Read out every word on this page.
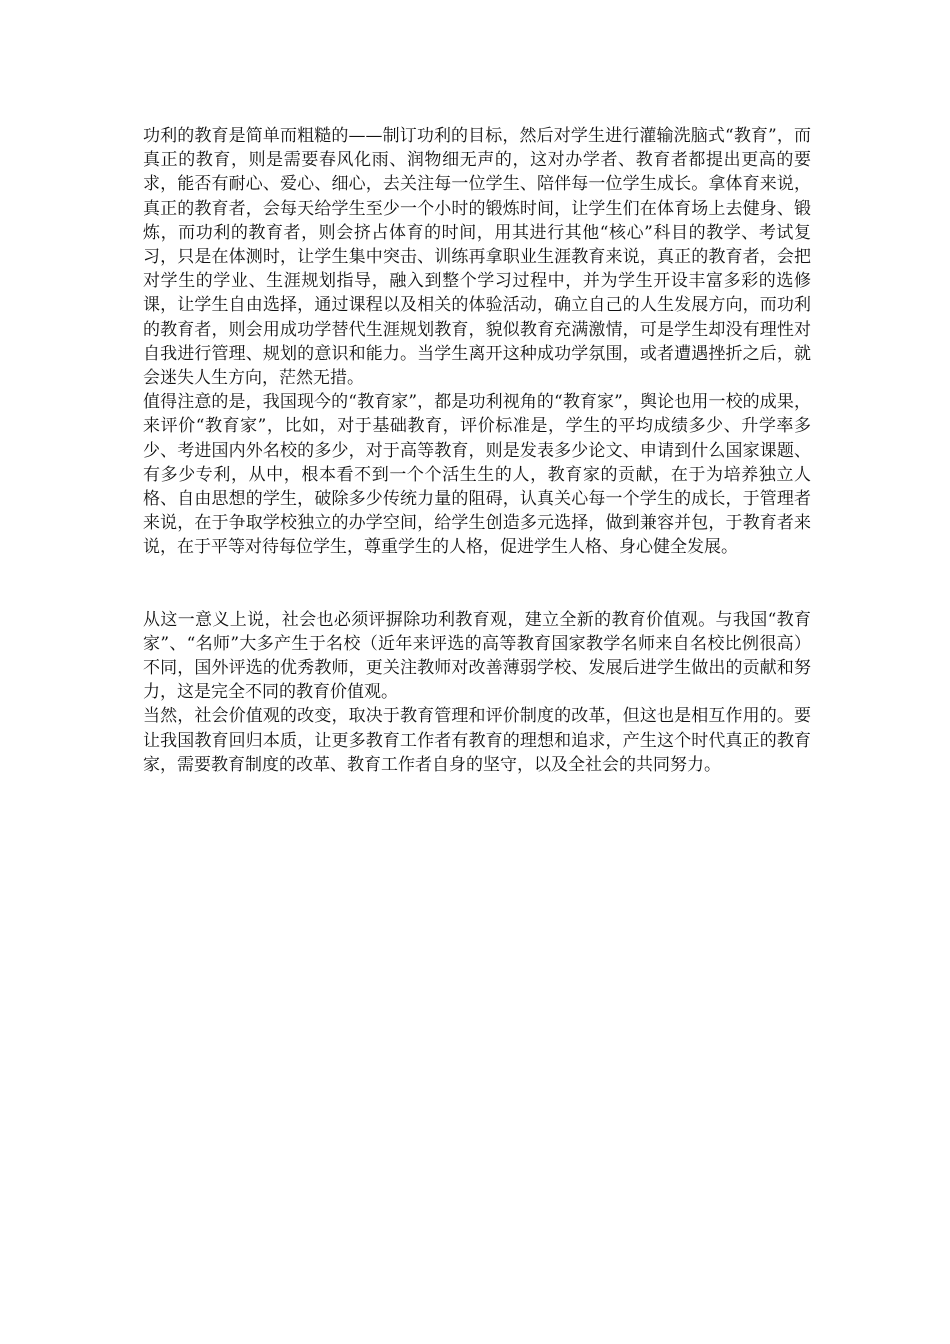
功利的教育是简单而粗糙的——制订功利的目标，然后对学生进行灌输洗脑式“教育”，而真正的教育，则是需要春风化雨、润物细无声的，这对办学者、教育者都提出更高的要求，能否有耐心、爱心、细心，去关注每一位学生、陪伴每一位学生成长。拿体育来说，真正的教育者，会每天给学生至少一个小时的锻炼时间，让学生们在体育场上去健身、锻炼，而功利的教育者，则会挤占体育的时间，用其进行其他“核心”科目的教学、考试复习，只是在体测时，让学生集中突击、训练再拿职业生涯教育来说，真正的教育者，会把对学生的学业、生涯规划指导，融入到整个学习过程中，并为学生开设丰富多彩的选修课，让学生自由选择，通过课程以及相关的体验活动，确立自己的人生发展方向，而功利的教育者，则会用成功学替代生涯规划教育，貌似教育充满激情，可是学生却没有理性对自我进行管理、规划的意识和能力。当学生离开这种成功学氛围，或者遭遇挫折之后，就会迷失人生方向，茫然无措。

值得注意的是，我国现今的“教育家”，都是功利视角的“教育家”，舆论也用一校的成果，来评价“教育家”，比如，对于基础教育，评价标准是，学生的平均成绩多少、升学率多少、考进国内外名校的多少，对于高等教育，则是发表多少论文、申请到什么国家课题、有多少专利，从中，根本看不到一个个活生生的人，教育家的贡献，在于为培养独立人格、自由思想的学生，破除多少传统力量的阻碍，认真关心每一个学生的成长，于管理者来说，在于争取学校独立的办学空间，给学生创造多元选择，做到兼容并包，于教育者来说，在于平等对待每位学生，尊重学生的人格，促进学生人格、身心健全发展。

从这一意义上说，社会也必须评摒除功利教育观，建立全新的教育价值观。与我国“教育家”、“名师”大多产生于名校（近年来评选的高等教育国家教学名师来自名校比例很高）不同，国外评选的优秀教师，更关注教师对改善薄弱学校、发展后进学生做出的贡献和努力，这是完全不同的教育价值观。

当然，社会价值观的改变，取决于教育管理和评价制度的改革，但这也是相互作用的。要让我国教育回归本质，让更多教育工作者有教育的理想和追求，产生这个时代真正的教育家，需要教育制度的改革、教育工作者自身的坚守，以及全社会的共同努力。
